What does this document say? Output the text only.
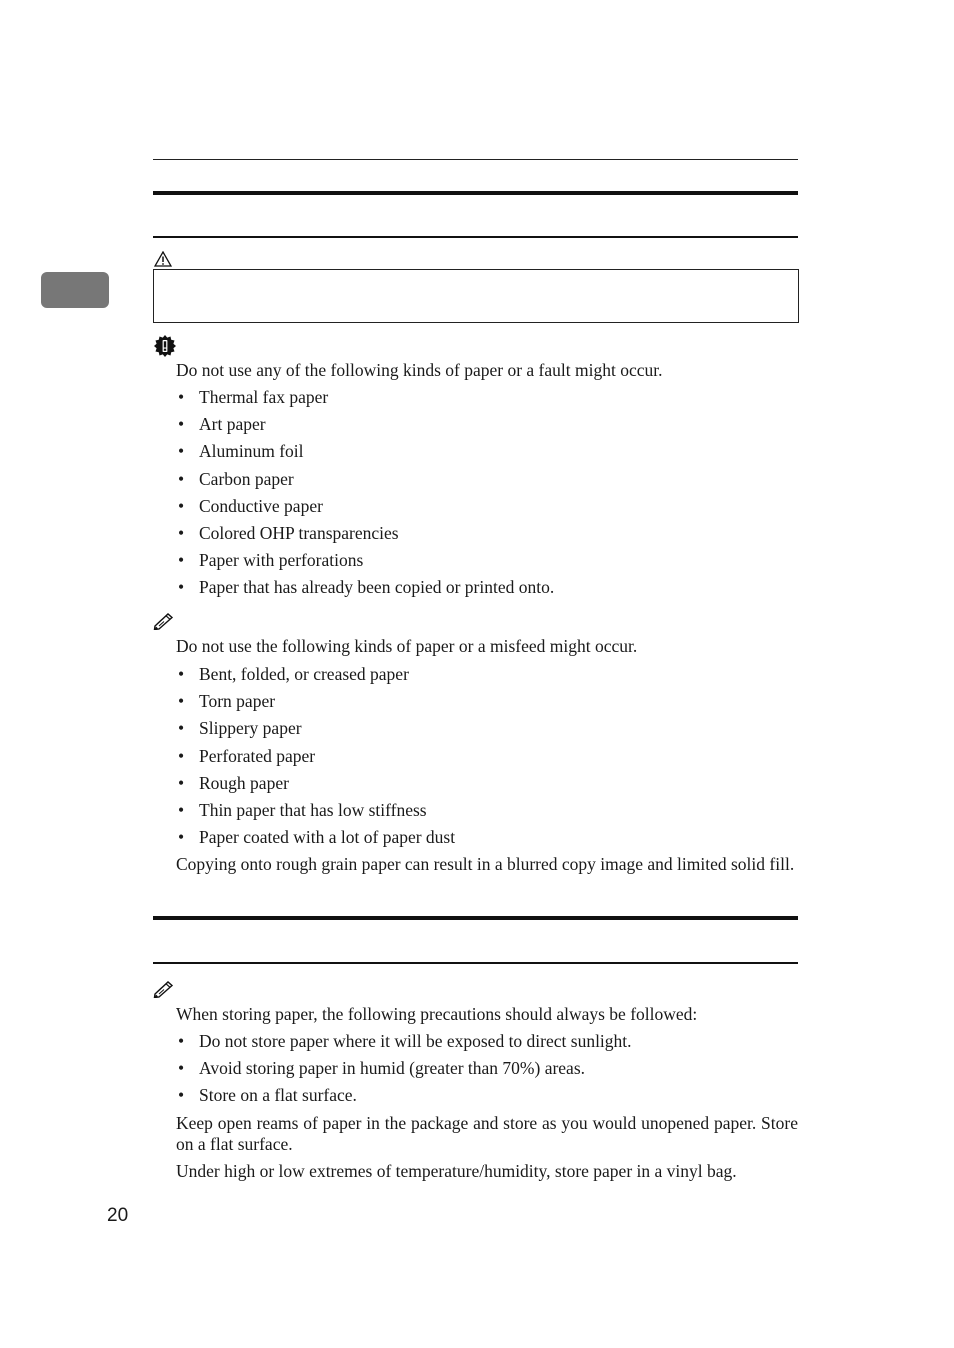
Do not use any of the following kinds of paper or a fault might occur.
• Thermal fax paper
• Art paper
• Aluminum foil
• Carbon paper
• Conductive paper
• Colored OHP transparencies
• Paper with perforations
• Paper that has already been copied or printed onto.
Do not use the following kinds of paper or a misfeed might occur.
• Bent, folded, or creased paper
• Torn paper
• Slippery paper
• Perforated paper
• Rough paper
• Thin paper that has low stiffness
• Paper coated with a lot of paper dust
Copying onto rough grain paper can result in a blurred copy image and limited solid fill.
When storing paper, the following precautions should always be followed:
• Do not store paper where it will be exposed to direct sunlight.
• Avoid storing paper in humid (greater than 70%) areas.
• Store on a flat surface.
Keep open reams of paper in the package and store as you would unopened paper. Store on a flat surface.
Under high or low extremes of temperature/humidity, store paper in a vinyl bag.
20
